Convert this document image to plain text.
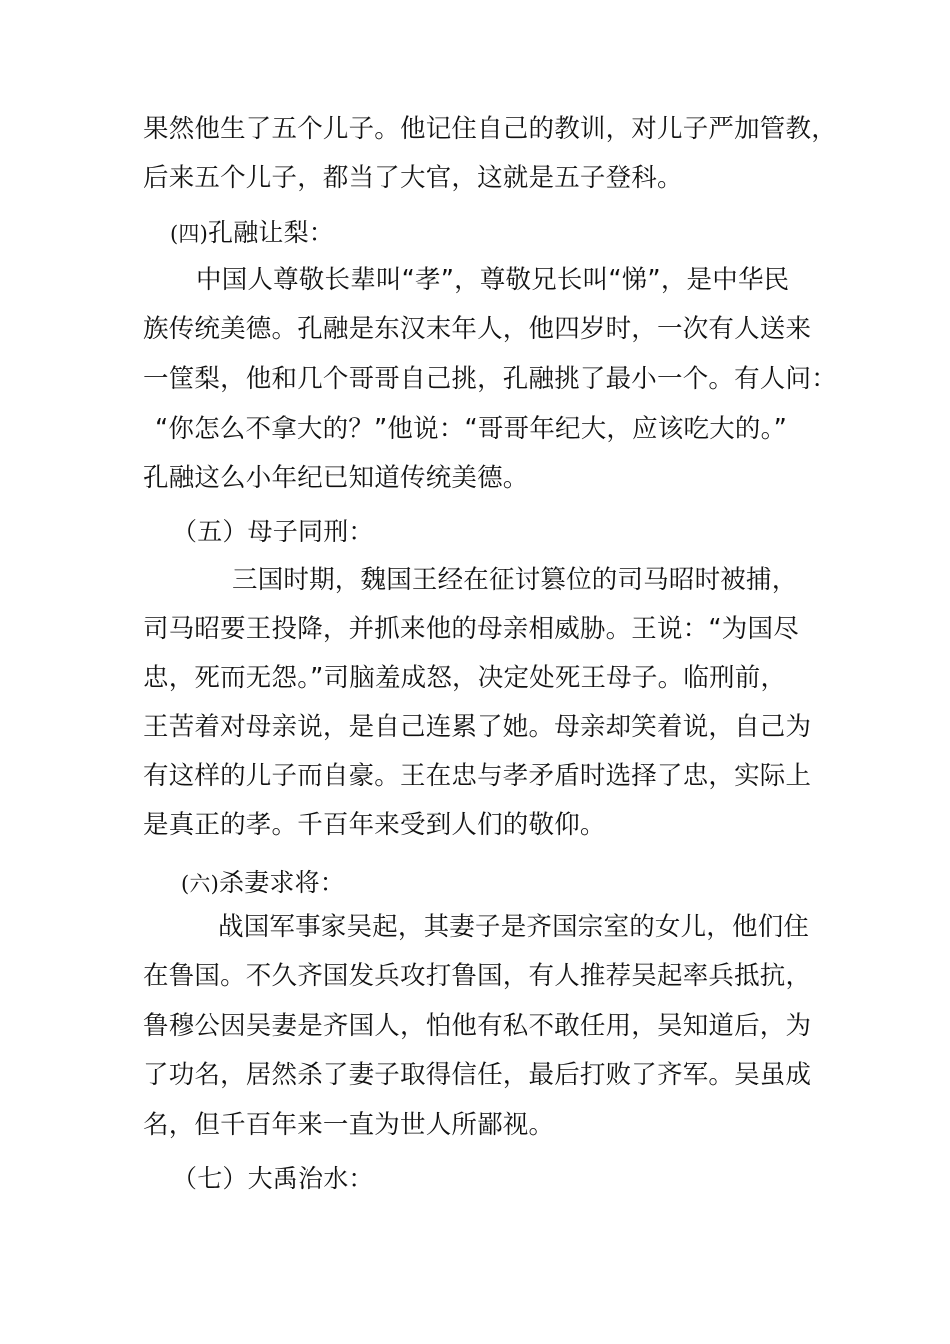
果然他生了五个儿子。他记住自己的教训，对儿子严加管教，
后来五个儿子，都当了大官，这就是五子登科。
(四)孔融让梨：
中国人尊敬长辈叫“孝”，尊敬兄长叫“悌”，是中华民
族传统美德。孔融是东汉末年人，他四岁时，一次有人送来
一筐梨，他和几个哥哥自己挑，孔融挑了最小一个。有人问：
“你怎么不拿大的？”他说：“哥哥年纪大，应该吃大的。”
孔融这么小年纪已知道传统美德。
（五）母子同刑：
三国时期，魏国王经在征讨篡位的司马昭时被捕，
司马昭要王投降，并抓来他的母亲相威胁。王说：“为国尽
忠，死而无怨。”司脑羞成怒，决定处死王母子。临刑前，
王苦着对母亲说，是自己连累了她。母亲却笑着说，自己为
有这样的儿子而自豪。王在忠与孝矛盾时选择了忠，实际上
是真正的孝。千百年来受到人们的敬仰。
(六)杀妻求将：
战国军事家吴起，其妻子是齐国宗室的女儿，他们住
在鲁国。不久齐国发兵攻打鲁国，有人推荐吴起率兵抵抗，
鲁穆公因吴妻是齐国人，怕他有私不敢任用，吴知道后，为
了功名，居然杀了妻子取得信任，最后打败了齐军。吴虽成
名，但千百年来一直为世人所鄙视。
（七）大禹治水：
